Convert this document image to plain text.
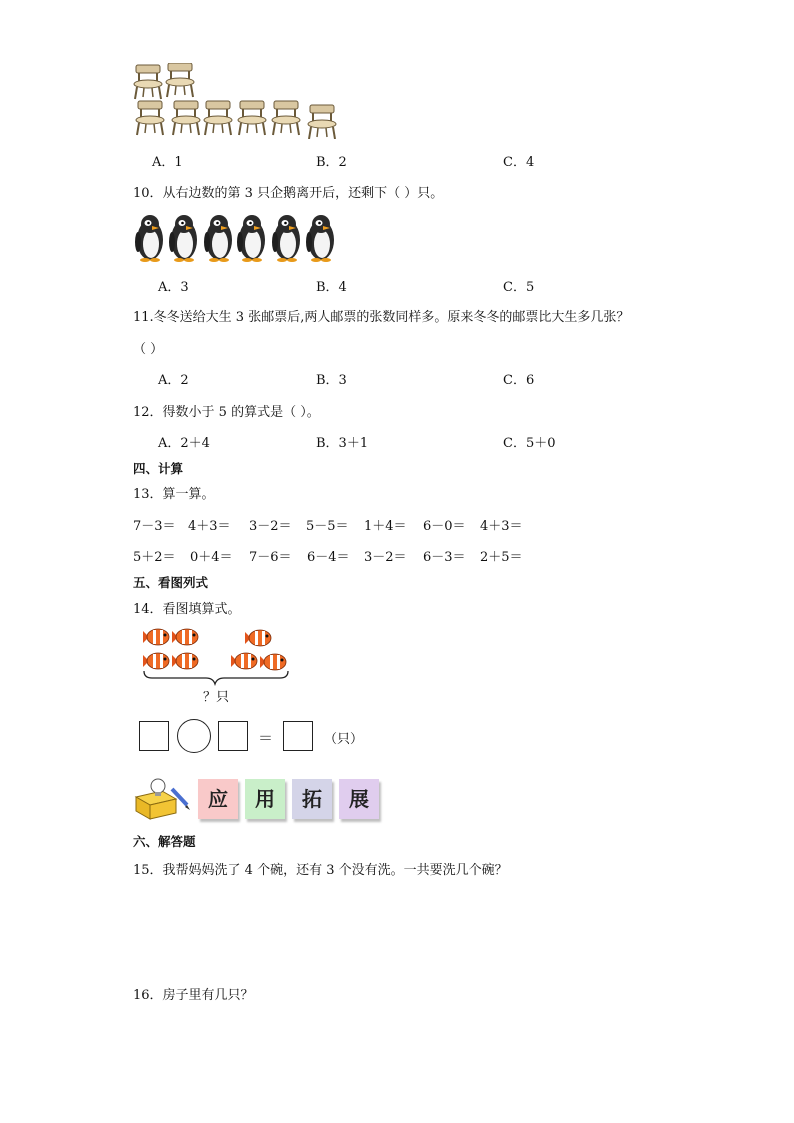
A．1	B．2	C．4
10．从右边数的第 3 只企鹅离开后，还剩下（ ）只。
A．3	B．4	C．5
11.冬冬送给大生 3 张邮票后,两人邮票的张数同样多。原来冬冬的邮票比大生多几张？
（ ）
A．2	B．3	C．6
12．得数小于 5 的算式是（ ）。
A．2＋4	B．3＋1	C．5＋0
四、计算
13．算一算。
7－3＝ 4＋3＝ 3－2＝ 5－5＝ 1＋4＝ 6－0＝ 4＋3＝
5＋2＝ 0＋4＝ 7－6＝ 6－4＝ 3－2＝ 6－3＝ 2＋5＝
五、看图列式
14．看图填算式。
？只
＝	（只）
应	用	拓	展
六、解答题
15．我帮妈妈洗了 4 个碗，还有 3 个没有洗。一共要洗几个碗？
16．房子里有几只？
